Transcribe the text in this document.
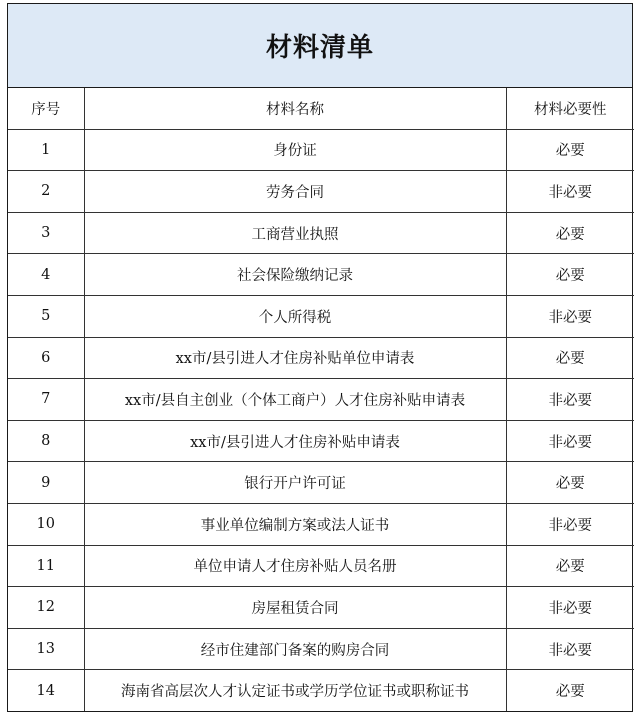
材料清单
序号	材料名称	材料必要性
1	身份证	必要
2	劳务合同	非必要
3	工商营业执照	必要
4	社会保险缴纳记录	必要
5	个人所得税	非必要
6	xx市/县引进人才住房补贴单位申请表	必要
7	xx市/县自主创业（个体工商户）人才住房补贴申请表	非必要
8	xx市/县引进人才住房补贴申请表	非必要
9	银行开户许可证	必要
10	事业单位编制方案或法人证书	非必要
11	单位申请人才住房补贴人员名册	必要
12	房屋租赁合同	非必要
13	经市住建部门备案的购房合同	非必要
14	海南省高层次人才认定证书或学历学位证书或职称证书	必要
